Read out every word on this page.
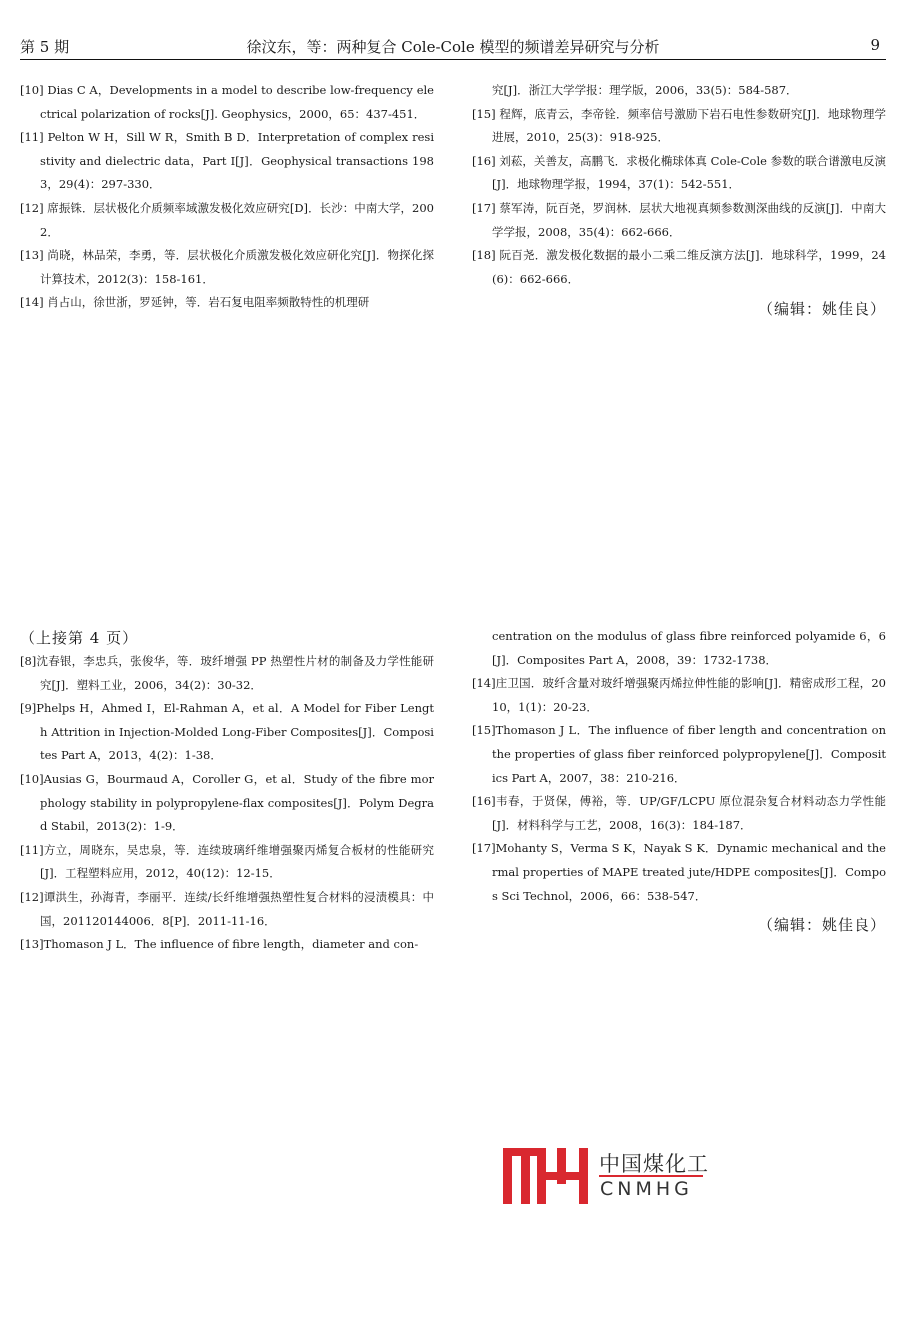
第 5 期	徐汶东，等：两种复合 Cole-Cole 模型的频谱差异研究与分析	9
[10] Dias C A，Developments in a model to describe low-frequency electrical polarization of rocks[J]. Geophysics，2000，65：437-451．
[11] Pelton W H，Sill W R，Smith B D．Interpretation of complex resistivity and dielectric data，Part I[J]．Geophysical transactions 1983，29(4)：297-330．
[12] 席振铢．层状极化介质频率域激发极化效应研究[D]．长沙：中南大学，2002．
[13] 尚晓，林品荣，李勇，等．层状极化介质激发极化效应研化究[J]．物探化探计算技术，2012(3)：158-161．
[14] 肖占山，徐世浙，罗延钟，等．岩石复电阻率频散特性的机理研
究[J]．浙江大学学报：理学版，2006，33(5)：584-587．
[15] 程辉，底青云，李帝铨．频率信号激励下岩石电性参数研究[J]．地球物理学进展，2010，25(3)：918-925．
[16] 刘菘，关善友，高鹏飞．求极化椭球体真 Cole-Cole 参数的联合谱激电反演[J]．地球物理学报，1994，37(1)：542-551．
[17] 蔡军涛，阮百尧，罗润林．层状大地视真频参数测深曲线的反演[J]．中南大学学报，2008，35(4)：662-666．
[18] 阮百尧．激发极化数据的最小二乘二维反演方法[J]．地球科学，1999，24(6)：662-666．
（编辑：姚佳良）
（上接第 4 页）
[8]沈春银，李忠兵，张俊华，等．玻纤增强 PP 热塑性片材的制备及力学性能研究[J]．塑料工业，2006，34(2)：30-32．
[9]Phelps H，Ahmed I，El-Rahman A，et al．A Model for Fiber Length Attrition in Injection-Molded Long-Fiber Composites[J]．Composites Part A，2013，4(2)：1-38．
[10]Ausias G，Bourmaud A，Coroller G，et al．Study of the fibre morphology stability in polypropylene-flax composites[J]．Polym Degrad Stabil，2013(2)：1-9．
[11]方立，周晓东，吴忠泉，等．连续玻璃纤维增强聚丙烯复合板材的性能研究[J]．工程塑料应用，2012，40(12)：12-15．
[12]谭洪生，孙海青，李丽平．连续/长纤维增强热塑性复合材料的浸渍模具：中国，201120144006．8[P]．2011-11-16．
[13]Thomason J L．The influence of fibre length，diameter and con-
centration on the modulus of glass fibre reinforced polyamide 6，6[J]．Composites Part A，2008，39：1732-1738．
[14]庄卫国．玻纤含量对玻纤增强聚丙烯拉伸性能的影响[J]．精密成形工程，2010，1(1)：20-23．
[15]Thomason J L．The influence of fiber length and concentration on the properties of glass fiber reinforced polypropylene[J]．Compositics Part A，2007，38：210-216．
[16]韦春，于贤保，傅裕，等．UP/GF/LCPU 原位混杂复合材料动态力学性能[J]．材料科学与工艺，2008，16(3)：184-187．
[17]Mohanty S，Verma S K，Nayak S K．Dynamic mechanical and thermal properties of MAPE treated jute/HDPE composites[J]．Compos Sci Technol，2006，66：538-547．
（编辑：姚佳良）
中国煤化工
CNMHG
